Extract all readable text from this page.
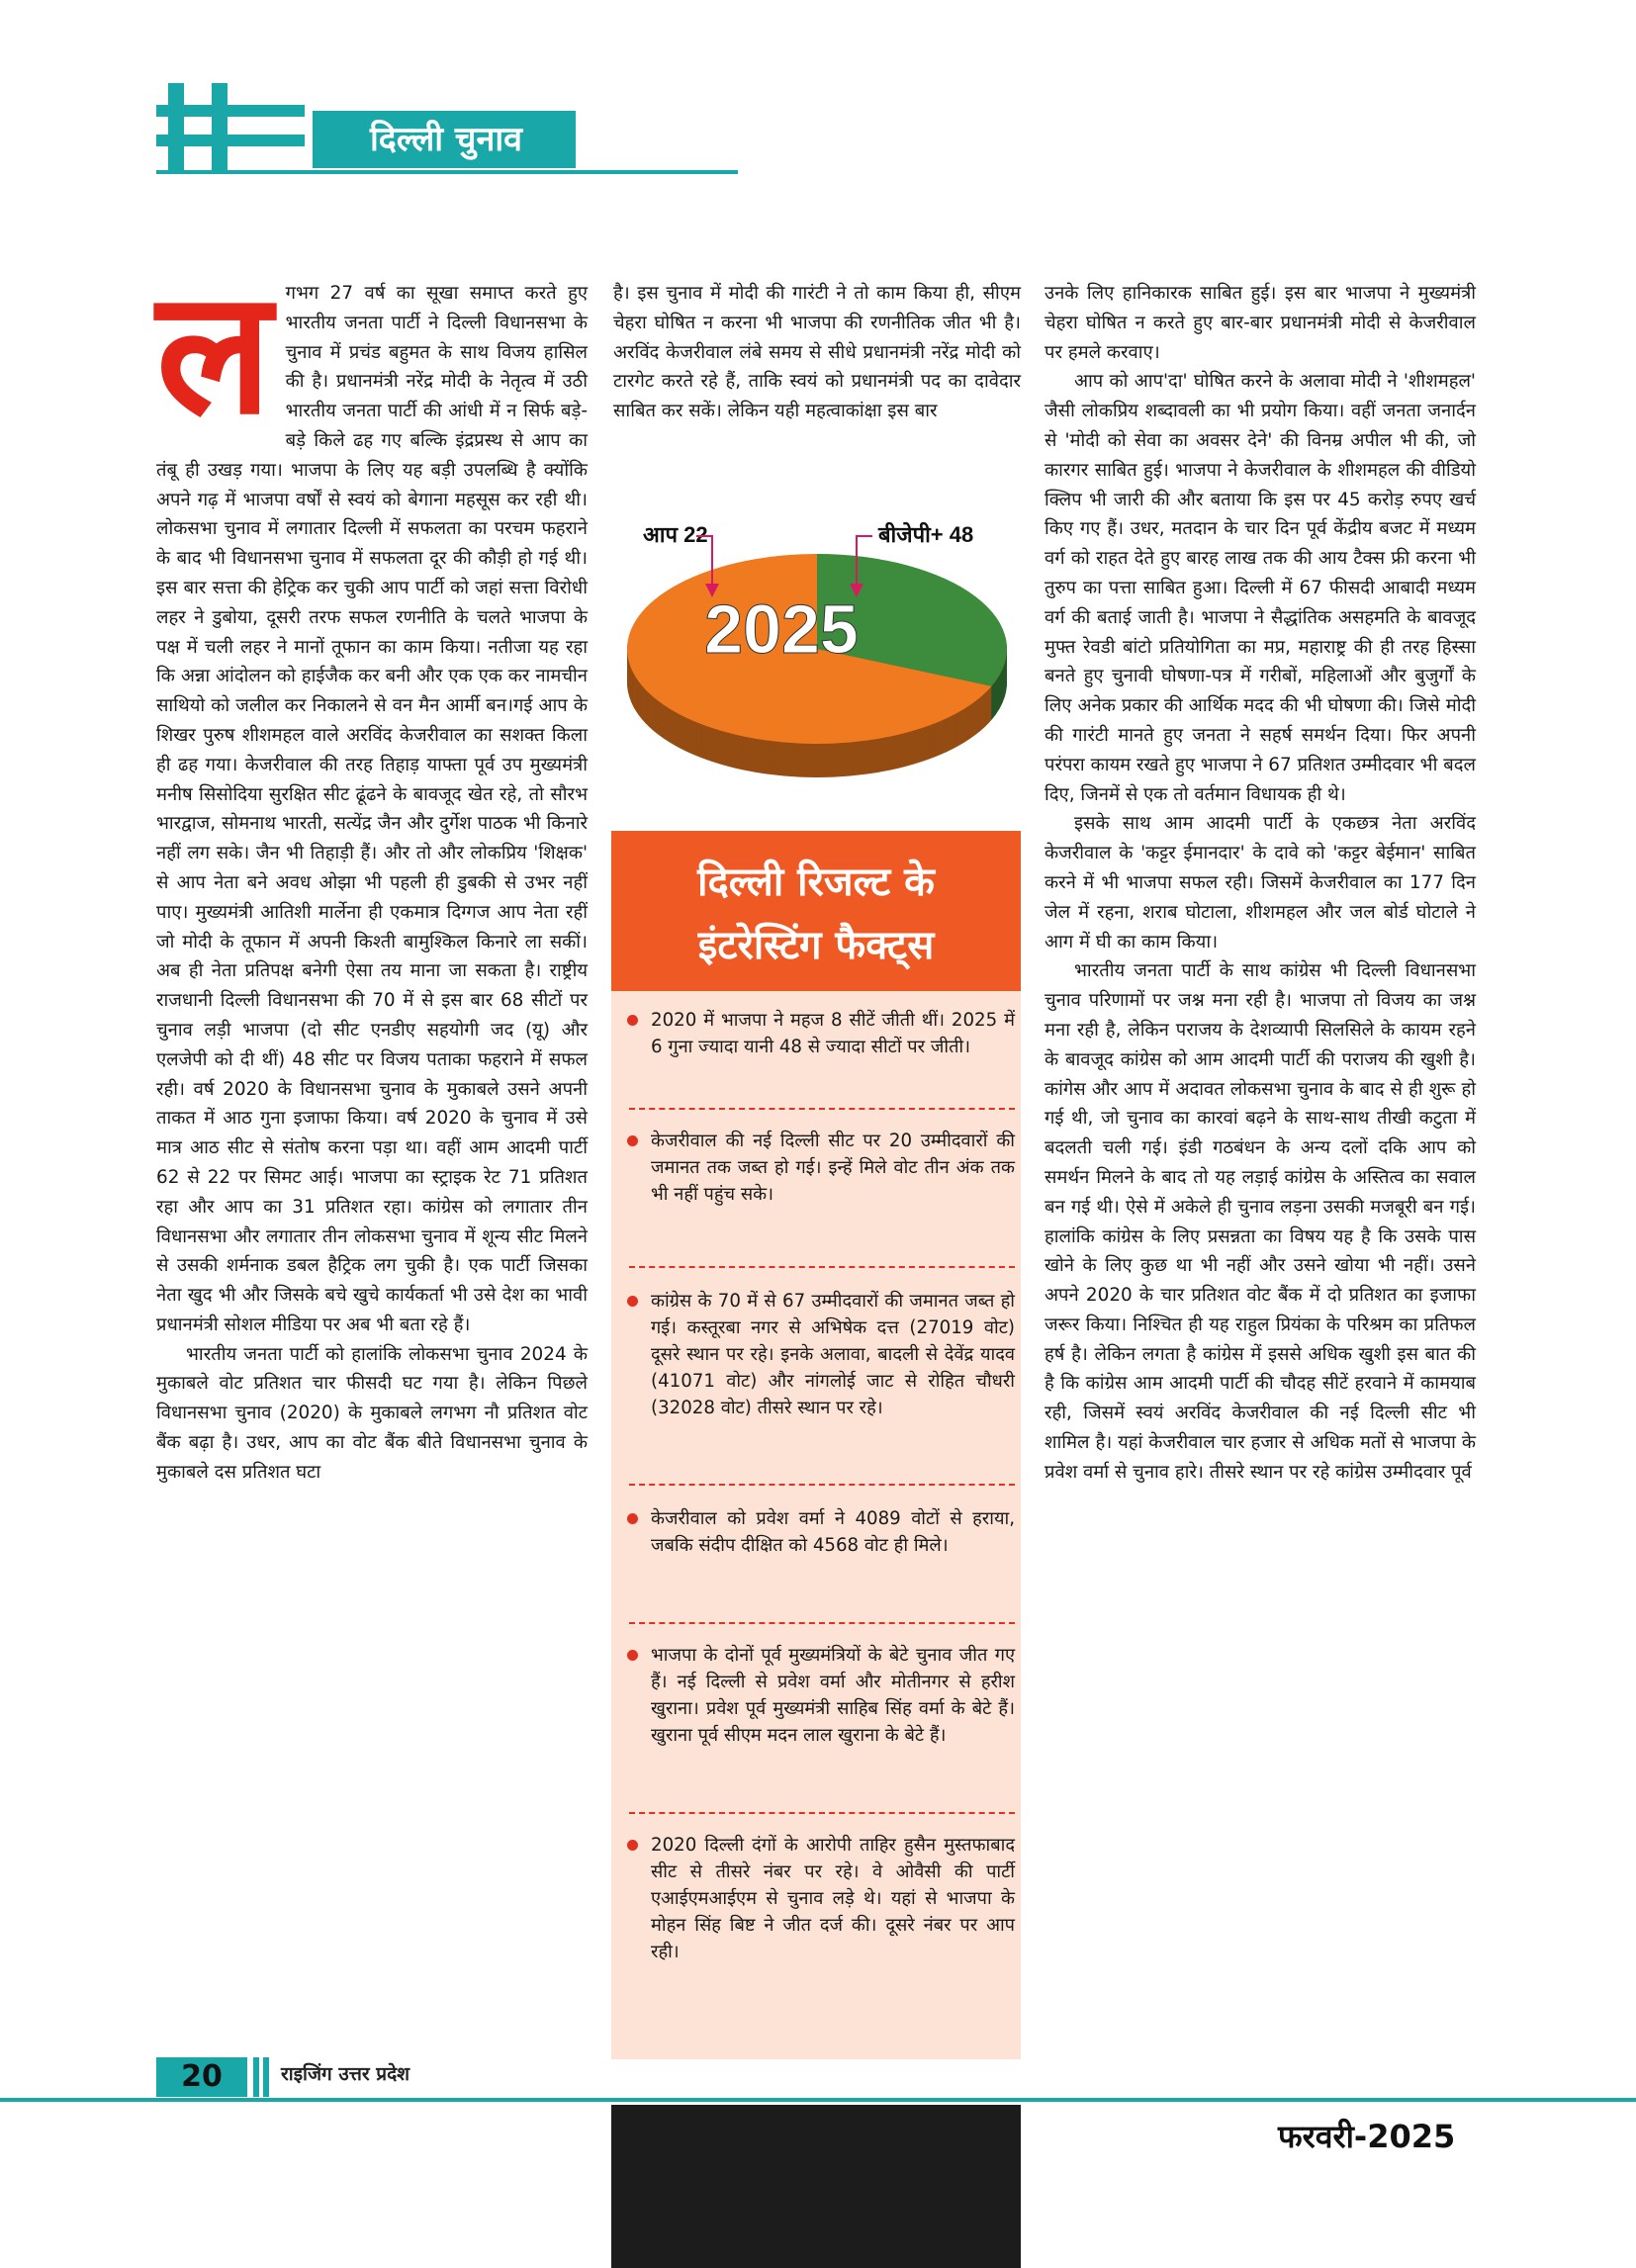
दिल्ली चुनाव
ल गभग 27 वर्ष का सूखा समाप्त करते हुए भारतीय जनता पार्टी ने दिल्ली विधानसभा के चुनाव में प्रचंड बहुमत के साथ विजय हासिल की है। प्रधानमंत्री नरेंद्र मोदी के नेतृत्व में उठी भारतीय जनता पार्टी की आंधी में न सिर्फ बड़े-बड़े किले ढह गए बल्कि इंद्रप्रस्थ से आप का तंबू ही उखड़ गया। भाजपा के लिए यह बड़ी उपलब्धि है क्योंकि अपने गढ़ में भाजपा वर्षों से स्वयं को बेगाना महसूस कर रही थी। लोकसभा चुनाव में लगातार दिल्ली में सफलता का परचम फहराने के बाद भी विधानसभा चुनाव में सफलता दूर की कौड़ी हो गई थी। इस बार सत्ता की हेट्रिक कर चुकी आप पार्टी को जहां सत्ता विरोधी लहर ने डुबोया, दूसरी तरफ सफल रणनीति के चलते भाजपा के पक्ष में चली लहर ने मानों तूफान का काम किया। नतीजा यह रहा कि अन्ना आंदोलन को हाईजैक कर बनी और एक एक कर नामचीन साथियो को जलील कर निकालने से वन मैन आर्मी बन।गई आप के शिखर पुरुष शीशमहल वाले अरविंद केजरीवाल का सशक्त किला ही ढह गया। केजरीवाल की तरह तिहाड़ याफ्ता पूर्व उप मुख्यमंत्री मनीष सिसोदिया सुरक्षित सीट ढूंढने के बावजूद खेत रहे, तो सौरभ भारद्वाज, सोमनाथ भारती, सत्येंद्र जैन और दुर्गेश पाठक भी किनारे नहीं लग सके। जैन भी तिहाड़ी हैं। और तो और लोकप्रिय 'शिक्षक' से आप नेता बने अवध ओझा भी पहली ही डुबकी से उभर नहीं पाए। मुख्यमंत्री आतिशी मार्लेना ही एकमात्र दिग्गज आप नेता रहीं जो मोदी के तूफान में अपनी किश्ती बामुश्किल किनारे ला सकीं।अब ही नेता प्रतिपक्ष बनेगी ऐसा तय माना जा सकता है। राष्ट्रीय राजधानी दिल्ली विधानसभा की 70 में से इस बार 68 सीटों पर चुनाव लड़ी भाजपा (दो सीट एनडीए सहयोगी जद (यू) और एलजेपी को दी थीं) 48 सीट पर विजय पताका फहराने में सफल रही। वर्ष 2020 के विधानसभा चुनाव के मुकाबले उसने अपनी ताकत में आठ गुना इजाफा किया। वर्ष 2020 के चुनाव में उसे मात्र आठ सीट से संतोष करना पड़ा था। वहीं आम आदमी पार्टी 62 से 22 पर सिमट आई। भाजपा का स्ट्राइक रेट 71 प्रतिशत रहा और आप का 31 प्रतिशत रहा। कांग्रेस को लगातार तीन विधानसभा और लगातार तीन लोकसभा चुनाव में शून्य सीट मिलने से उसकी शर्मनाक डबल हैट्रिक लग चुकी है। एक पार्टी जिसका नेता खुद भी और जिसके बचे खुचे कार्यकर्ता भी उसे देश का भावी प्रधानमंत्री सोशल मीडिया पर अब भी बता रहे हैं।

भारतीय जनता पार्टी को हालांकि लोकसभा चुनाव 2024 के मुकाबले वोट प्रतिशत चार फीसदी घट गया है। लेकिन पिछले विधानसभा चुनाव (2020) के मुकाबले लगभग नौ प्रतिशत वोट बैंक बढ़ा है। उधर, आप का वोट बैंक बीते विधानसभा चुनाव के मुकाबले दस प्रतिशत घटा

है। इस चुनाव में मोदी की गारंटी ने तो काम किया ही, सीएम चेहरा घोषित न करना भी भाजपा की रणनीतिक जीत भी है। अरविंद केजरीवाल लंबे समय से सीधे प्रधानमंत्री नरेंद्र मोदी को टारगेट करते रहे हैं, ताकि स्वयं को प्रधानमंत्री पद का दावेदार साबित कर सकें। लेकिन यही महत्वाकांक्षा इस बार

आप 22	बीजेपी+ 48
2025
दिल्ली रिजल्ट के
इंटरेस्टिंग फैक्ट्स
2020 में भाजपा ने महज 8 सीटें जीती थीं। 2025 में 6 गुना ज्यादा यानी 48 से ज्यादा सीटों पर जीती।
केजरीवाल की नई दिल्ली सीट पर 20 उम्मीदवारों की जमानत तक जब्त हो गई। इन्हें मिले वोट तीन अंक तक भी नहीं पहुंच सके।
कांग्रेस के 70 में से 67 उम्मीदवारों की जमानत जब्त हो गई। कस्तूरबा नगर से अभिषेक दत्त (27019 वोट) दूसरे स्थान पर रहे। इनके अलावा, बादली से देवेंद्र यादव (41071 वोट) और नांगलोई जाट से रोहित चौधरी (32028 वोट) तीसरे स्थान पर रहे।
केजरीवाल को प्रवेश वर्मा ने 4089 वोटों से हराया, जबकि संदीप दीक्षित को 4568 वोट ही मिले।
भाजपा के दोनों पूर्व मुख्यमंत्रियों के बेटे चुनाव जीत गए हैं। नई दिल्ली से प्रवेश वर्मा और मोतीनगर से हरीश खुराना। प्रवेश पूर्व मुख्यमंत्री साहिब सिंह वर्मा के बेटे हैं। खुराना पूर्व सीएम मदन लाल खुराना के बेटे हैं।
2020 दिल्ली दंगों के आरोपी ताहिर हुसैन मुस्तफाबाद सीट से तीसरे नंबर पर रहे। वे ओवैसी की पार्टी एआईएमआईएम से चुनाव लड़े थे। यहां से भाजपा के मोहन सिंह बिष्ट ने जीत दर्ज की। दूसरे नंबर पर आप रही।

उनके लिए हानिकारक साबित हुई। इस बार भाजपा ने मुख्यमंत्री चेहरा घोषित न करते हुए बार-बार प्रधानमंत्री मोदी से केजरीवाल पर हमले करवाए।

आप को आप'दा' घोषित करने के अलावा मोदी ने 'शीशमहल' जैसी लोकप्रिय शब्दावली का भी प्रयोग किया। वहीं जनता जनार्दन से 'मोदी को सेवा का अवसर देने' की विनम्र अपील भी की, जो कारगर साबित हुई। भाजपा ने केजरीवाल के शीशमहल की वीडियो क्लिप भी जारी की और बताया कि इस पर 45 करोड़ रुपए खर्च किए गए हैं। उधर, मतदान के चार दिन पूर्व केंद्रीय बजट में मध्यम वर्ग को राहत देते हुए बारह लाख तक की आय टैक्स फ्री करना भी तुरुप का पत्ता साबित हुआ। दिल्ली में 67 फीसदी आबादी मध्यम वर्ग की बताई जाती है। भाजपा ने सैद्धांतिक असहमति के बावजूद मुफ्त रेवडी बांटो प्रतियोगिता का मप्र, महाराष्ट्र की ही तरह हिस्सा बनते हुए चुनावी घोषणा-पत्र में गरीबों, महिलाओं और बुजुर्गों के लिए अनेक प्रकार की आर्थिक मदद की भी घोषणा की। जिसे मोदी की गारंटी मानते हुए जनता ने सहर्ष समर्थन दिया। फिर अपनी परंपरा कायम रखते हुए भाजपा ने 67 प्रतिशत उम्मीदवार भी बदल दिए, जिनमें से एक तो वर्तमान विधायक ही थे।

इसके साथ आम आदमी पार्टी के एकछत्र नेता अरविंद केजरीवाल के 'कट्टर ईमानदार' के दावे को 'कट्टर बेईमान' साबित करने में भी भाजपा सफल रही। जिसमें केजरीवाल का 177 दिन जेल में रहना, शराब घोटाला, शीशमहल और जल बोर्ड घोटाले ने आग में घी का काम किया।

भारतीय जनता पार्टी के साथ कांग्रेस भी दिल्ली विधानसभा चुनाव परिणामों पर जश्न मना रही है। भाजपा तो विजय का जश्न मना रही है, लेकिन पराजय के देशव्यापी सिलसिले के कायम रहने के बावजूद कांग्रेस को आम आदमी पार्टी की पराजय की खुशी है। कांगेस और आप में अदावत लोकसभा चुनाव के बाद से ही शुरू हो गई थी, जो चुनाव का कारवां बढ़ने के साथ-साथ तीखी कटुता में बदलती चली गई। इंडी गठबंधन के अन्य दलों दकि आप को समर्थन मिलने के बाद तो यह लड़ाई कांग्रेस के अस्तित्व का सवाल बन गई थी। ऐसे में अकेले ही चुनाव लड़ना उसकी मजबूरी बन गई। हालांकि कांग्रेस के लिए प्रसन्नता का विषय यह है कि उसके पास खोने के लिए कुछ था भी नहीं और उसने खोया भी नहीं। उसने अपने 2020 के चार प्रतिशत वोट बैंक में दो प्रतिशत का इजाफा जरूर किया। निश्चित ही यह राहुल प्रियंका के परिश्रम का प्रतिफल हर्ष है। लेकिन लगता है कांग्रेस में इससे अधिक खुशी इस बात की है कि कांग्रेस आम आदमी पार्टी की चौदह सीटें हरवाने में कामयाब रही, जिसमें स्वयं अरविंद केजरीवाल की नई दिल्ली सीट भी शामिल है। यहां केजरीवाल चार हजार से अधिक मतों से भाजपा के प्रवेश वर्मा से चुनाव हारे। तीसरे स्थान पर रहे कांग्रेस उम्मीदवार पूर्व

20	राइजिंग उत्तर प्रदेश
फरवरी-2025
